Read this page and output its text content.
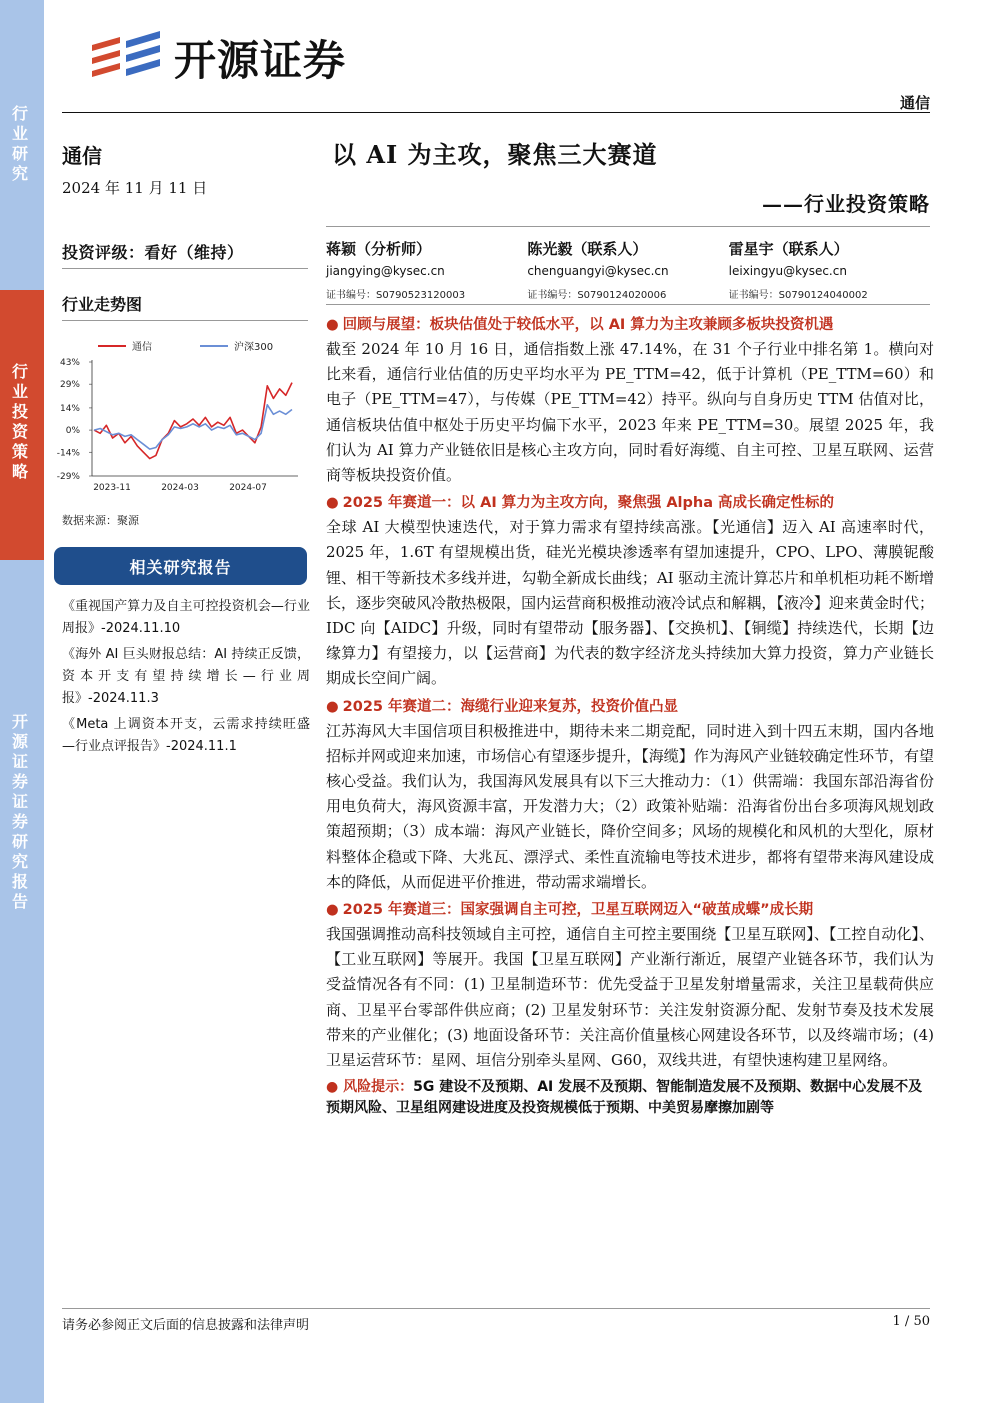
行业研究
行业投资策略
开源证券 证券研究报告
开源证券
通信
通信
2024 年 11 月 11 日
投资评级：看好（维持）
行业走势图
43%
29%
14%
0%
-14%
-29%
2023-11	2024-03	2024-07
通信	沪深300
数据来源：聚源
相关研究报告
《重视国产算力及自主可控投资机会—行业周报》-2024.11.10
《海外 AI 巨头财报总结：AI 持续正反馈，资本开支有望持续增长—行业周报》-2024.11.3
《Meta 上调资本开支，云需求持续旺盛 —行业点评报告》-2024.11.1
以 AI 为主攻，聚焦三大赛道
——行业投资策略
蒋颖（分析师）
jiangying@kysec.cn
证书编号：S0790523120003
陈光毅（联系人）
chenguangyi@kysec.cn
证书编号：S0790124020006
雷星宇（联系人）
leixingyu@kysec.cn
证书编号：S0790124040002
● 回顾与展望：板块估值处于较低水平，以 AI 算力为主攻兼顾多板块投资机遇
截至 2024 年 10 月 16 日，通信指数上涨 47.14%，在 31 个子行业中排名第 1。横向对比来看，通信行业估值的历史平均水平为 PE_TTM=42，低于计算机（PE_TTM=60）和电子（PE_TTM=47），与传媒（PE_TTM=42）持平。纵向与自身历史 TTM 估值对比，通信板块估值中枢处于历史平均偏下水平，2023 年来 PE_TTM=30。展望 2025 年，我们认为 AI 算力产业链依旧是核心主攻方向，同时看好海缆、自主可控、卫星互联网、运营商等板块投资价值。
● 2025 年赛道一：以 AI 算力为主攻方向，聚焦强 Alpha 高成长确定性标的
全球 AI 大模型快速迭代，对于算力需求有望持续高涨。【光通信】迈入 AI 高速率时代，2025 年，1.6T 有望规模出货，硅光光模块渗透率有望加速提升，CPO、LPO、薄膜铌酸锂、相干等新技术多线并进，勾勒全新成长曲线；AI 驱动主流计算芯片和单机柜功耗不断增长，逐步突破风冷散热极限，国内运营商积极推动液冷试点和解耦，【液冷】迎来黄金时代；IDC 向【AIDC】升级，同时有望带动【服务器】、【交换机】、【铜缆】持续迭代，长期【边缘算力】有望接力，以【运营商】为代表的数字经济龙头持续加大算力投资，算力产业链长期成长空间广阔。
● 2025 年赛道二：海缆行业迎来复苏，投资价值凸显
江苏海风大丰国信项目积极推进中，期待未来二期竞配，同时进入到十四五末期，国内各地招标并网或迎来加速，市场信心有望逐步提升，【海缆】作为海风产业链较确定性环节，有望核心受益。我们认为，我国海风发展具有以下三大推动力：（1）供需端：我国东部沿海省份用电负荷大，海风资源丰富，开发潜力大；（2）政策补贴端：沿海省份出台多项海风规划政策超预期；（3）成本端：海风产业链长，降价空间多；风场的规模化和风机的大型化，原材料整体企稳或下降、大兆瓦、漂浮式、柔性直流输电等技术进步，都将有望带来海风建设成本的降低，从而促进平价推进，带动需求端增长。
● 2025 年赛道三：国家强调自主可控，卫星互联网迈入“破茧成蝶”成长期
我国强调推动高科技领域自主可控，通信自主可控主要围绕【卫星互联网】、【工控自动化】、【工业互联网】等展开。我国【卫星互联网】产业渐行渐近，展望产业链各环节，我们认为受益情况各有不同：(1) 卫星制造环节：优先受益于卫星发射增量需求，关注卫星载荷供应商、卫星平台零部件供应商；(2) 卫星发射环节：关注发射资源分配、发射节奏及技术发展带来的产业催化；(3) 地面设备环节：关注高价值量核心网建设各环节，以及终端市场；(4) 卫星运营环节：星网、垣信分别牵头星网、G60，双线共进，有望快速构建卫星网络。
● 风险提示：5G 建设不及预期、AI 发展不及预期、智能制造发展不及预期、数据中心发展不及预期风险、卫星组网建设进度及投资规模低于预期、中美贸易摩擦加剧等
请务必参阅正文后面的信息披露和法律声明	1 / 50
